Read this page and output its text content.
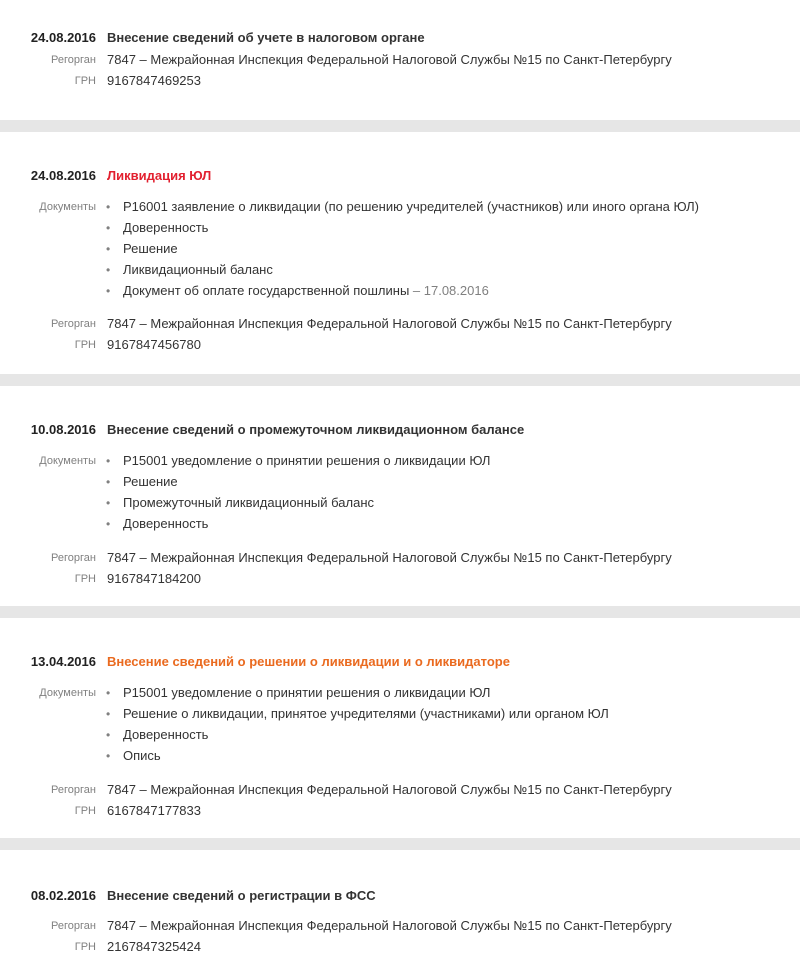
24.08.2016 Внесение сведений об учете в налоговом органе
Регорган 7847 – Межрайонная Инспекция Федеральной Налоговой Службы №15 по Санкт-Петербургу
ГРН 9167847469253
24.08.2016 Ликвидация ЮЛ
Документы • Р16001 заявление о ликвидации (по решению учредителей (участников) или иного органа ЮЛ)
• Доверенность
• Решение
• Ликвидационный баланс
• Документ об оплате государственной пошлины – 17.08.2016
Регорган 7847 – Межрайонная Инспекция Федеральной Налоговой Службы №15 по Санкт-Петербургу
ГРН 9167847456780
10.08.2016 Внесение сведений о промежуточном ликвидационном балансе
Документы • Р15001 уведомление о принятии решения о ликвидации ЮЛ
• Решение
• Промежуточный ликвидационный баланс
• Доверенность
Регорган 7847 – Межрайонная Инспекция Федеральной Налоговой Службы №15 по Санкт-Петербургу
ГРН 9167847184200
13.04.2016 Внесение сведений о решении о ликвидации и о ликвидаторе
Документы • Р15001 уведомление о принятии решения о ликвидации ЮЛ
• Решение о ликвидации, принятое учредителями (участниками) или органом ЮЛ
• Доверенность
• Опись
Регорган 7847 – Межрайонная Инспекция Федеральной Налоговой Службы №15 по Санкт-Петербургу
ГРН 6167847177833
08.02.2016 Внесение сведений о регистрации в ФСС
Регорган 7847 – Межрайонная Инспекция Федеральной Налоговой Службы №15 по Санкт-Петербургу
ГРН 2167847325424
